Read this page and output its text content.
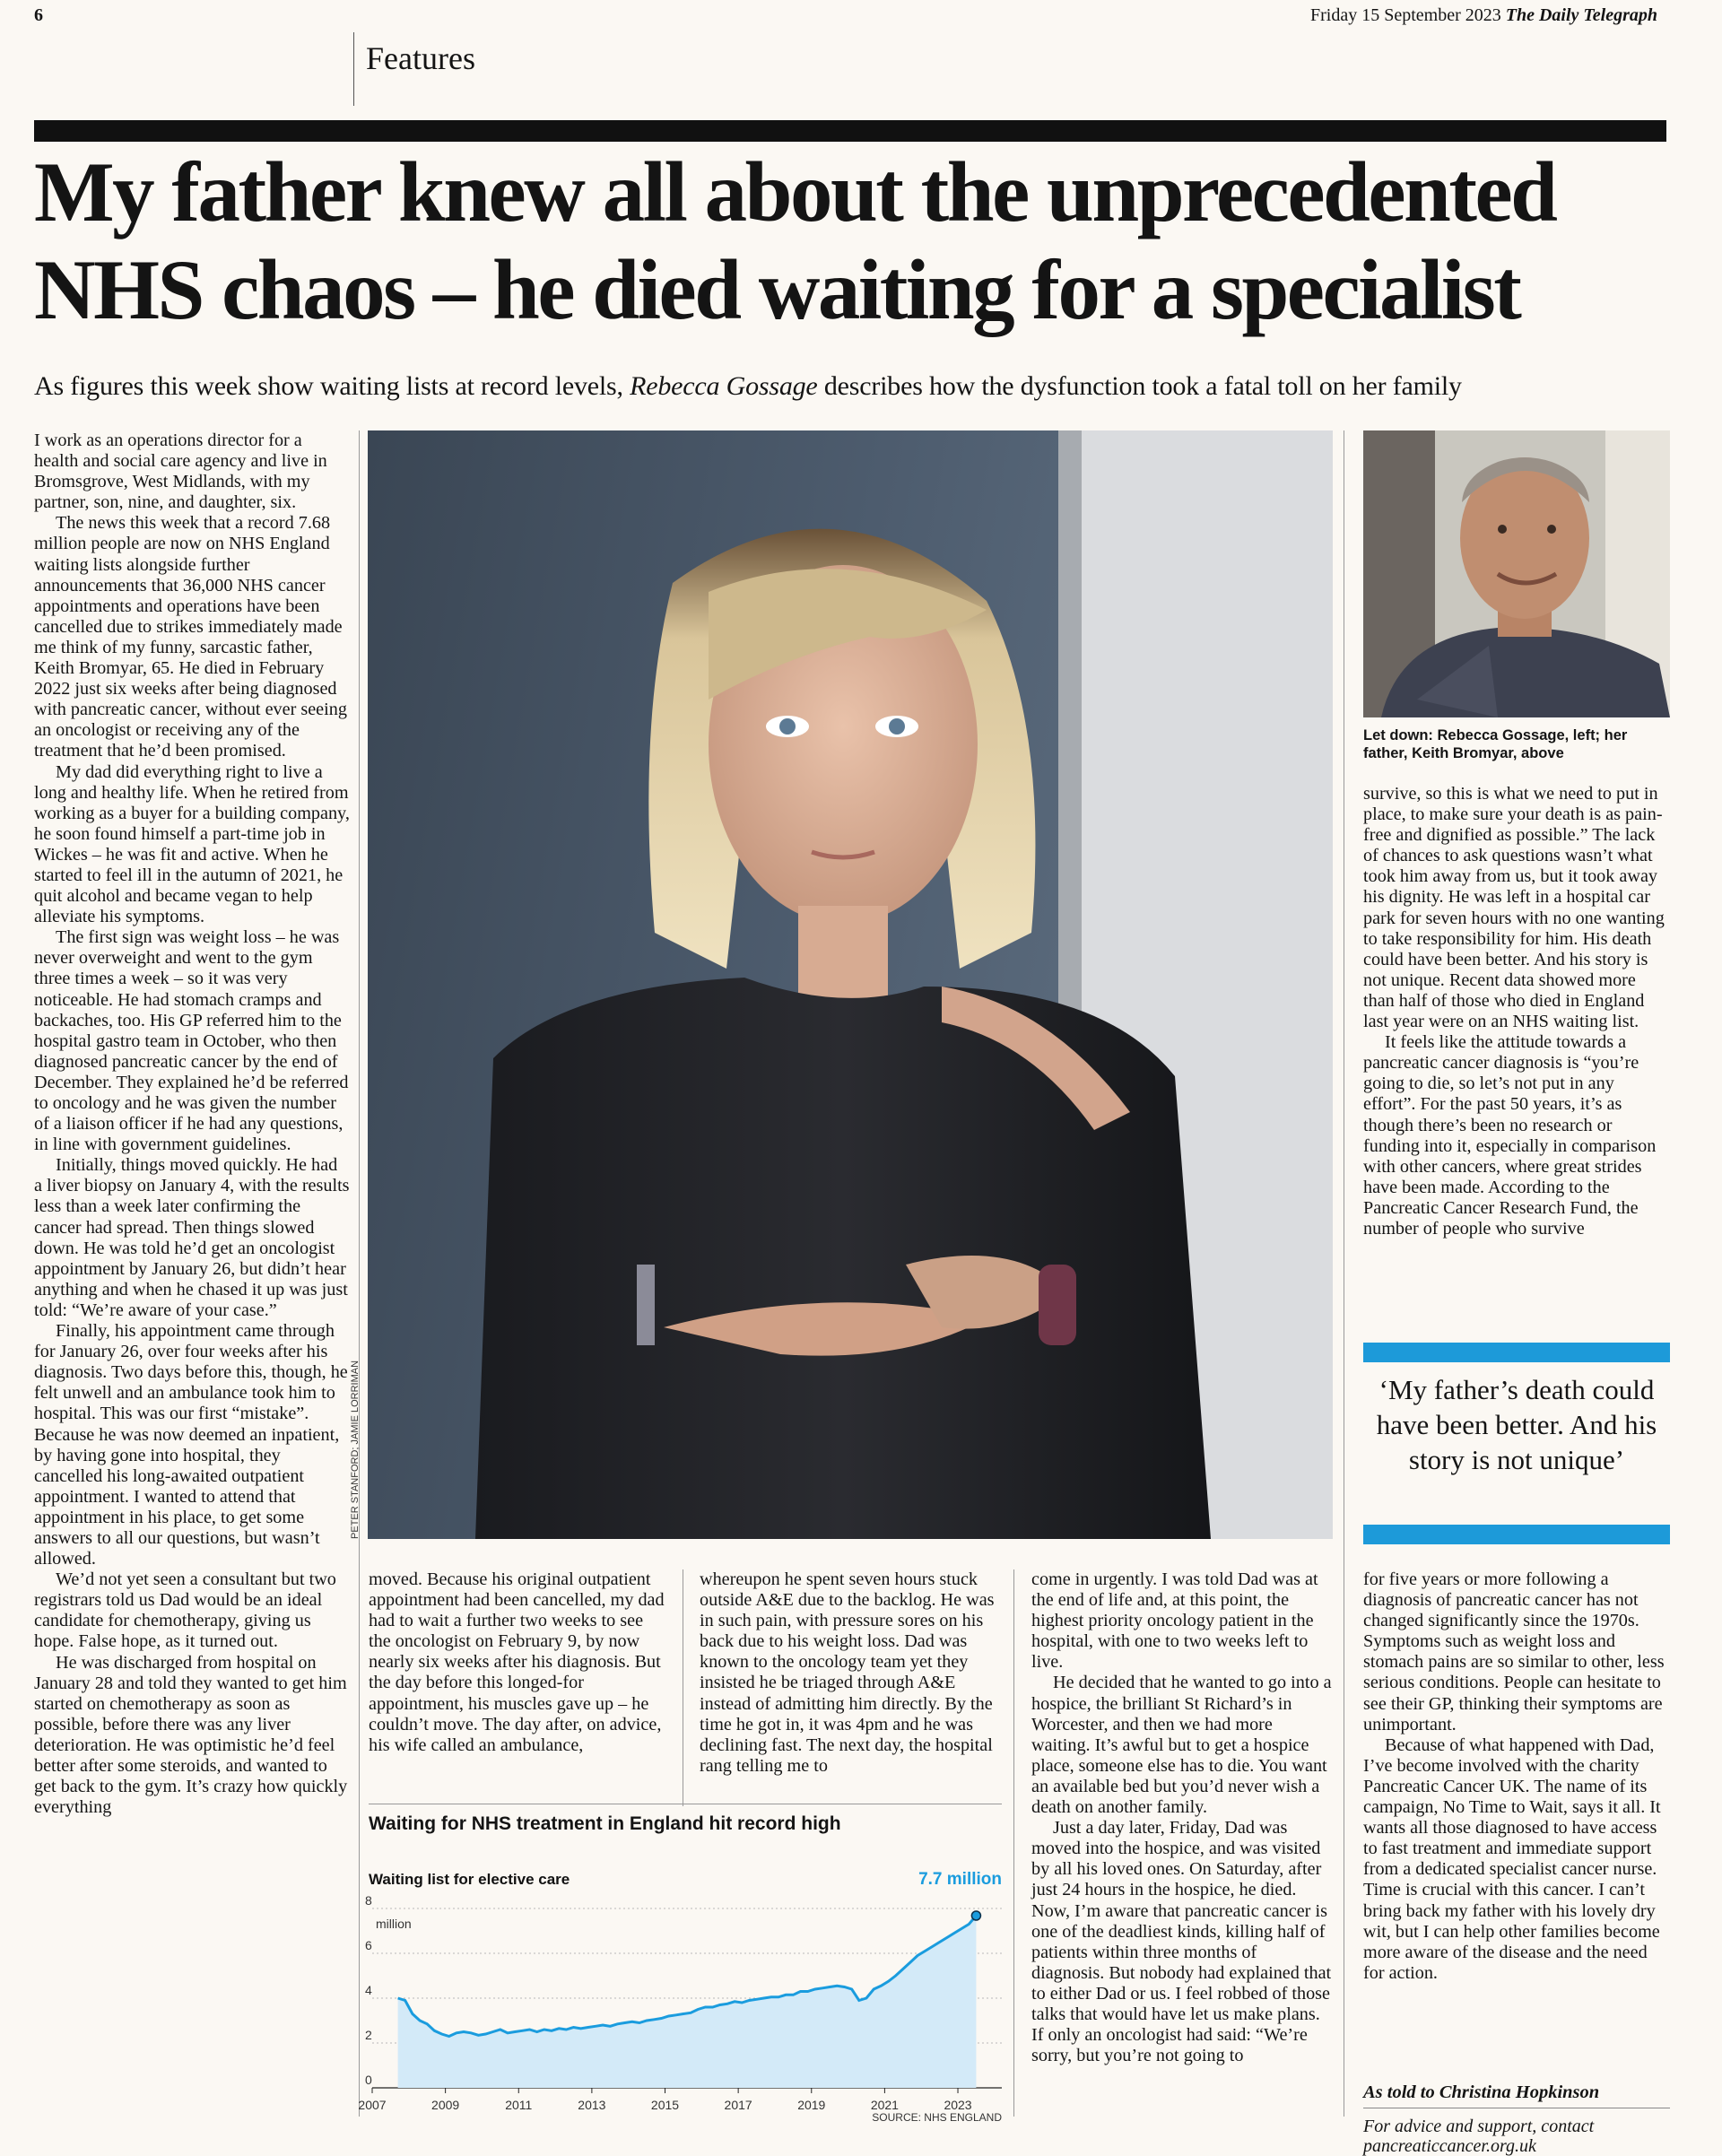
6	Friday 15 September 2023 The Daily Telegraph
Features
My father knew all about the unprecedented NHS chaos – he died waiting for a specialist
As figures this week show waiting lists at record levels, Rebecca Gossage describes how the dysfunction took a fatal toll on her family

I work as an operations director for a health and social care agency and live in Bromsgrove, West Midlands, with my partner, son, nine, and daughter, six.

The news this week that a record 7.68 million people are now on NHS England waiting lists alongside further announcements that 36,000 NHS cancer appointments and operations have been cancelled due to strikes immediately made me think of my funny, sarcastic father, Keith Bromyar, 65. He died in February 2022 just six weeks after being diagnosed with pancreatic cancer, without ever seeing an oncologist or receiving any of the treatment that he’d been promised.

My dad did everything right to live a long and healthy life. When he retired from working as a buyer for a building company, he soon found himself a part-time job in Wickes – he was fit and active. When he started to feel ill in the autumn of 2021, he quit alcohol and became vegan to help alleviate his symptoms.

The first sign was weight loss – he was never overweight and went to the gym three times a week – so it was very noticeable. He had stomach cramps and backaches, too. His GP referred him to the hospital gastro team in October, who then diagnosed pancreatic cancer by the end of December. They explained he’d be referred to oncology and he was given the number of a liaison officer if he had any questions, in line with government guidelines.

Initially, things moved quickly. He had a liver biopsy on January 4, with the results less than a week later confirming the cancer had spread. Then things slowed down. He was told he’d get an oncologist appointment by January 26, but didn’t hear anything and when he chased it up was just told: “We’re aware of your case.”

Finally, his appointment came through for January 26, over four weeks after his diagnosis. Two days before this, though, he felt unwell and an ambulance took him to hospital. This was our first “mistake”. Because he was now deemed an inpatient, by having gone into hospital, they cancelled his long-awaited outpatient appointment. I wanted to attend that appointment in his place, to get some answers to all our questions, but wasn’t allowed.

We’d not yet seen a consultant but two registrars told us Dad would be an ideal candidate for chemotherapy, giving us hope. False hope, as it turned out.

He was discharged from hospital on January 28 and told they wanted to get him started on chemotherapy as soon as possible, before there was any liver deterioration. He was optimistic he’d feel better after some steroids, and wanted to get back to the gym. It’s crazy how quickly everything

PETER STANFORD; JAMIE LORRIMAN
Let down: Rebecca Gossage, left; her father, Keith Bromyar, above

survive, so this is what we need to put in place, to make sure your death is as pain-free and dignified as possible.” The lack of chances to ask questions wasn’t what took him away from us, but it took away his dignity. He was left in a hospital car park for seven hours with no one wanting to take responsibility for him. His death could have been better. And his story is not unique. Recent data showed more than half of those who died in England last year were on an NHS waiting list.

It feels like the attitude towards a pancreatic cancer diagnosis is “you’re going to die, so let’s not put in any effort”. For the past 50 years, it’s as though there’s been no research or funding into it, especially in comparison with other cancers, where great strides have been made. According to the Pancreatic Cancer Research Fund, the number of people who survive

‘My father’s death could have been better. And his story is not unique’

moved. Because his original outpatient appointment had been cancelled, my dad had to wait a further two weeks to see the oncologist on February 9, by now nearly six weeks after his diagnosis. But the day before this longed-for appointment, his muscles gave up – he couldn’t move. The day after, on advice, his wife called an ambulance,

whereupon he spent seven hours stuck outside A&E due to the backlog. He was in such pain, with pressure sores on his back due to his weight loss. Dad was known to the oncology team yet they insisted he be triaged through A&E instead of admitting him directly. By the time he got in, it was 4pm and he was declining fast. The next day, the hospital rang telling me to

come in urgently. I was told Dad was at the end of life and, at this point, the highest priority oncology patient in the hospital, with one to two weeks left to live.

He decided that he wanted to go into a hospice, the brilliant St Richard’s in Worcester, and then we had more waiting. It’s awful but to get a hospice place, someone else has to die. You want an available bed but you’d never wish a death on another family.

Just a day later, Friday, Dad was moved into the hospice, and was visited by all his loved ones. On Saturday, after just 24 hours in the hospice, he died. Now, I’m aware that pancreatic cancer is one of the deadliest kinds, killing half of patients within three months of diagnosis. But nobody had explained that to either Dad or us. I feel robbed of those talks that would have let us make plans. If only an oncologist had said: “We’re sorry, but you’re not going to

for five years or more following a diagnosis of pancreatic cancer has not changed significantly since the 1970s. Symptoms such as weight loss and stomach pains are so similar to other, less serious conditions. People can hesitate to see their GP, thinking their symptoms are unimportant.

Because of what happened with Dad, I’ve become involved with the charity Pancreatic Cancer UK. The name of its campaign, No Time to Wait, says it all. It wants all those diagnosed to have access to fast treatment and immediate support from a dedicated specialist cancer nurse. Time is crucial with this cancer. I can’t bring back my father with his lovely dry wit, but I can help other families become more aware of the disease and the need for action.

Waiting for NHS treatment in England hit record high
Waiting list for elective care	7.7 million
million
0
2
4
6
8
2007	2009	2011	2013	2015	2017	2019	2021	2023
SOURCE: NHS ENGLAND
As told to Christina Hopkinson
For advice and support, contact pancreaticcancer.org.uk
